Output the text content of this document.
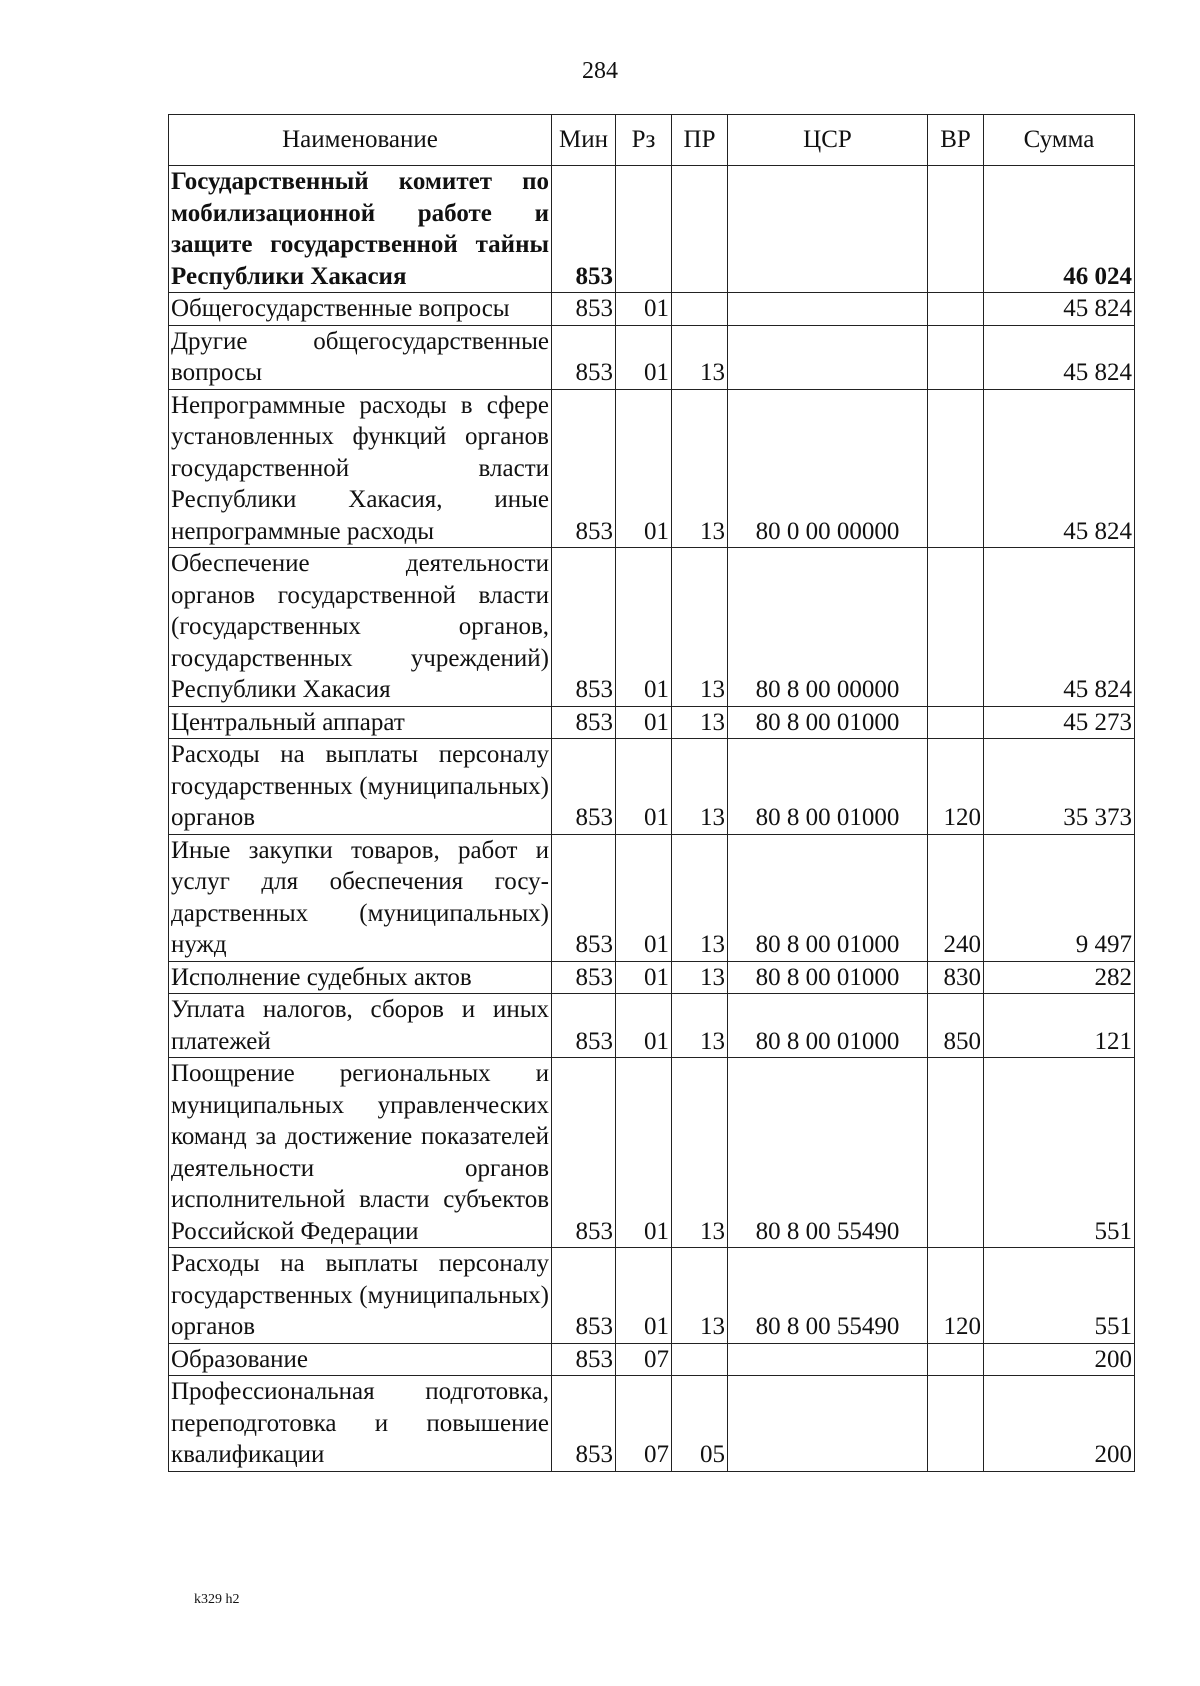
284
Наименование	Мин	Рз	ПР	ЦСР	ВР	Сумма
Государственный комитет по мобилизационной работе и защите государственной тайны Республики Хакасия	853					46 024
Общегосударственные вопросы	853	01				45 824
Другие общегосударственные вопросы	853	01	13			45 824
Непрограммные расходы в сфере установленных функций органов государственной власти Республики Хакасия, иные непрограммные расходы	853	01	13	80 0 00 00000		45 824
Обеспечение деятельности органов государственной власти (государственных органов, государственных учреждений) Республики Хакасия	853	01	13	80 8 00 00000		45 824
Центральный аппарат	853	01	13	80 8 00 01000		45 273
Расходы на выплаты персоналу государственных (муниципальных) органов	853	01	13	80 8 00 01000	120	35 373
Иные закупки товаров, работ и услуг для обеспечения государственных (муниципальных) нужд	853	01	13	80 8 00 01000	240	9 497
Исполнение судебных актов	853	01	13	80 8 00 01000	830	282
Уплата налогов, сборов и иных платежей	853	01	13	80 8 00 01000	850	121
Поощрение региональных и муниципальных управленческих команд за достижение показателей деятельности органов исполнительной власти субъектов Российской Федерации	853	01	13	80 8 00 55490		551
Расходы на выплаты персоналу государственных (муниципальных) органов	853	01	13	80 8 00 55490	120	551
Образование	853	07				200
Профессиональная подготовка, переподготовка и повышение квалификации	853	07	05			200
k329 h2
